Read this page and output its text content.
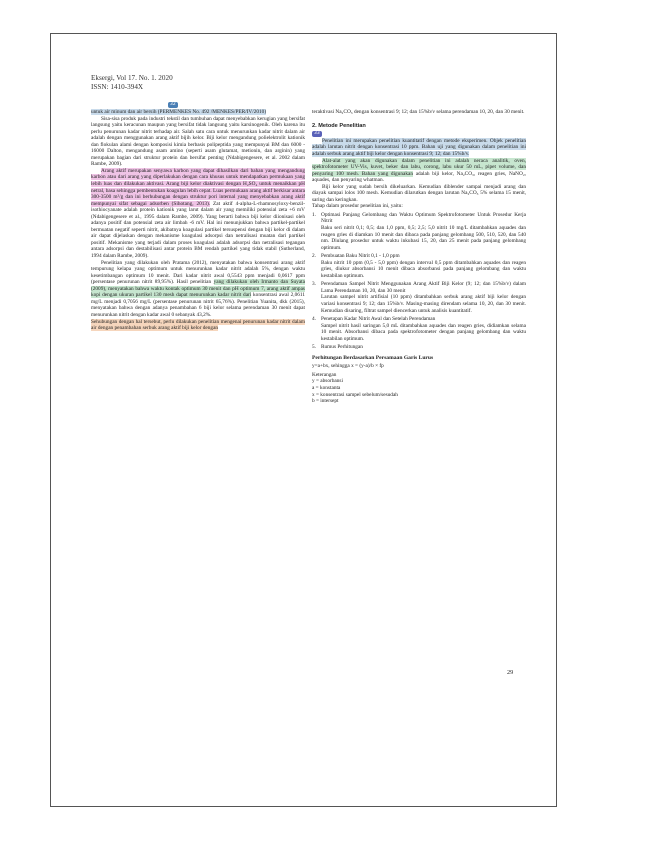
Eksergi, Vol 17. No. 1. 2020
ISSN: 1410-394X
32

untuk air minum dan air bersih (PERMENKES No. 492 /MENKES/PER/IV/2010)

Sisa-sisa produk pada industri tekstil dan tumbuhan dapat menyebabkan kerugian yang bersifat langsung yaitu keracunan maupun yang bersifat tidak langsung yaitu karsinogenik. Oleh karena itu perlu penurunan kadar nitrit terhadap air. Salah satu cara untuk menurunkan kadar nitrit dalam air adalah dengan menggunakan arang aktif bijih kelor. Biji kelor mengandung polielektrolit kationik dan flokulan alami dengan komposisi kimia berbasis polipeptida yang mempunyai BM dan 6000 - 16000 Dalton, mengandung asam amino (seperti asam glutamat, metionin, dan arginin) yang merupakan bagian dari struktur protein dan bersifat penting (Ndabigengesere, et al. 2002 dalam Rambe, 2009).

Arang aktif merupakan senyawa karbon yang dapat dihasilkan dari bahan yang mengandung karbon atau dari arang yang diperlakukan dengan cara khusus untuk mendapatkan permukaan yang lebih luas dan dilakukan aktivasi. Arang biji kelor diaktivasi dengan H₂SO₄ untuk menaikkan pH netral, basa sehingga pembentukan koagulan lebih cepat. Luas permukaan arang aktif berkisar antara 300-3500 m²/g dan ini berhubungan dengan struktur pori internal yang menyebabkan arang aktif mempunyai sifat sebagai adsorben (Sihotang, 2013). Zat aktif 4-alpha-L-rhamnosyloxy-benzil-isothiocyanate adalah protein kationik yang larut dalam air yang memiliki potensial zeta +6 mV (Ndabigengesere et al., 1995 dalam Rambe, 2009). Yang berarti bahwa biji kelor diionisasi oleh adanya positif dan potensial zeta air limbah -6 mV. Hal ini menunjukkan bahwa partikel-partikel bermuatan negatif seperti nitrit, akibatnya koagulasi partikel tersuspensi dengan biji kelor di dalam air dapat dijelaskan dengan mekanisme koagulasi adsorpsi dan netralisasi muatan dari partikel positif. Mekanisme yang terjadi dalam proses koagulasi adalah adsorpsi dan netralisasi tegangan antara adsorpsi dan destabilisasi antar protein BM rendah partikel yang tidak stabil (Sutherland, 1994 dalam Rambe, 2009).

Penelitian yang dilakukan oleh Pratama (2012), menyatakan bahwa konsentrasi arang aktif tempurung kelapa yang optimum untuk menurunkan kadar nitrit adalah 5%, dengan waktu kesetimbangan optimum 10 menit. Dari kadar nitrit awal 0,5543 ppm menjadi 0,0617 ppm (persentase penurunan nitrit 89,95%). Hasil penelitian yang dilakukan oleh Irmanto dan Suyata (2009), menyatakan bahwa waktu kontak optimum 30 menit dan pH optimum 7, arang aktif ampas kopi dengan ukuran partikel 130 mesh dapat menurunkan kadar nitrit dari konsentrasi awal 2,0611 mg/L menjadi 0,7056 mg/L (persentase penurunan nitrit 65,76%). Penelitian Yuanita, dkk (2015), menyatakan bahwa dengan adanya penambahan 6 biji kelor selama perendaman 30 menit dapat menurunkan nitrit dengan kadar awal 0 sebanyak 43,2%.

Sehubungan dengan hal tersebut, perlu dilakukan penelitian mengenai penurunan kadar nitrit dalam air dengan penambahan serbuk arang aktif biji kelor dengan

teraktivasi Na₂CO₃ dengan konsentrasi 9; 12; dan 15%b/v selama perendaman 10, 20, dan 30 menit.

2. Metode Penelitian
33

Penelitian ini merupakan penelitian kuantitatif dengan metode eksperimen. Objek penelitian adalah larutan nitrit dengan konsentrasi 10 ppm. Bahan uji yang digunakan dalam penelitian ini adalah serbuk arang aktif biji kelor dengan konsentrasi 9; 12; dan 15%b/v.

Alat-alat yang akan digunakan dalam penelitian ini adalah neraca analitik, oven, spektrofotometer UV-Vis, kuvet, beker dan labu, corong, labu ukur 50 mL, pipet volume, dan penyaring 100 mesh. Bahan yang digunakan adalah biji kelor, Na₂CO₃, reagen gries, NaNO₂, aquades, dan penyaring whatman.

Biji kelor yang sudah bersih dikeluarkan. Kemudian diblender sampai menjadi arang dan diayak sampai lolos 100 mesh. Kemudian dilarutkan dengan larutan Na₂CO₃ 5% selama 15 menit, saring dan keringkan.

Tahap dalam prosedur penelitian ini, yaitu:

1. Optimasi Panjang Gelombang dan Waktu Optimum Spektrofotometer Untuk Prosedur Kerja Nitrit
Baku seri nitrit 0,1; 0,5; dan 1,0 ppm, 0,5; 2,5; 5,0 nitrit 10 mg/L ditambahkan aquades dan reagen gries di diamkan 10 menit dan dibaca pada panjang gelombang 500, 510, 520, dan 540 nm. Diulang prosedur untuk waktu inkubasi 15, 20, dan 25 menit pada panjang gelombang optimum.
2. Pembuatan Baku Nitrit 0,1 - 1,0 ppm
Baku nitrit 10 ppm (0,5 - 5,0 ppm) dengan interval 0,5 ppm ditambahkan aquades dan reagen gries, diukur absorbansi 10 menit dibaca absorbansi pada panjang gelombang dan waktu kestabilan optimum.
3. Perendaman Sampel Nitrit Menggunakan Arang Aktif Biji Kelor (9; 12; dan 15%b/v) dalam Lama Perendaman 10, 20, dan 30 menit
Larutan sampel nitrit artifisial (10 ppm) ditambahkan serbuk arang aktif biji kelor dengan variasi konsentrasi 9; 12; dan 15%b/v. Masing-masing direndam selama 10, 20, dan 30 menit. Kemudian disaring, filtrat sampel diencerkan untuk analisis kuantitatif.
4. Penetapan Kadar Nitrit Awal dan Setelah Perendaman
Sampel nitrit hasil saringan 5,0 mL ditambahkan aquades dan reagen gries, didiamkan selama 10 menit. Absorbansi dibaca pada spektrofotometer dengan panjang gelombang dan waktu kestabilan optimum.
5. Rumus Perhitungan
Perhitungan Berdasarkan Persamaan Garis Lurus
y=a+bx, sehingga x = (y-a)/b × fp
Keterangan
y = absorbansi
a = konstanta
x = konsentrasi sampel sebelum/sesudah
b = intersept
29
